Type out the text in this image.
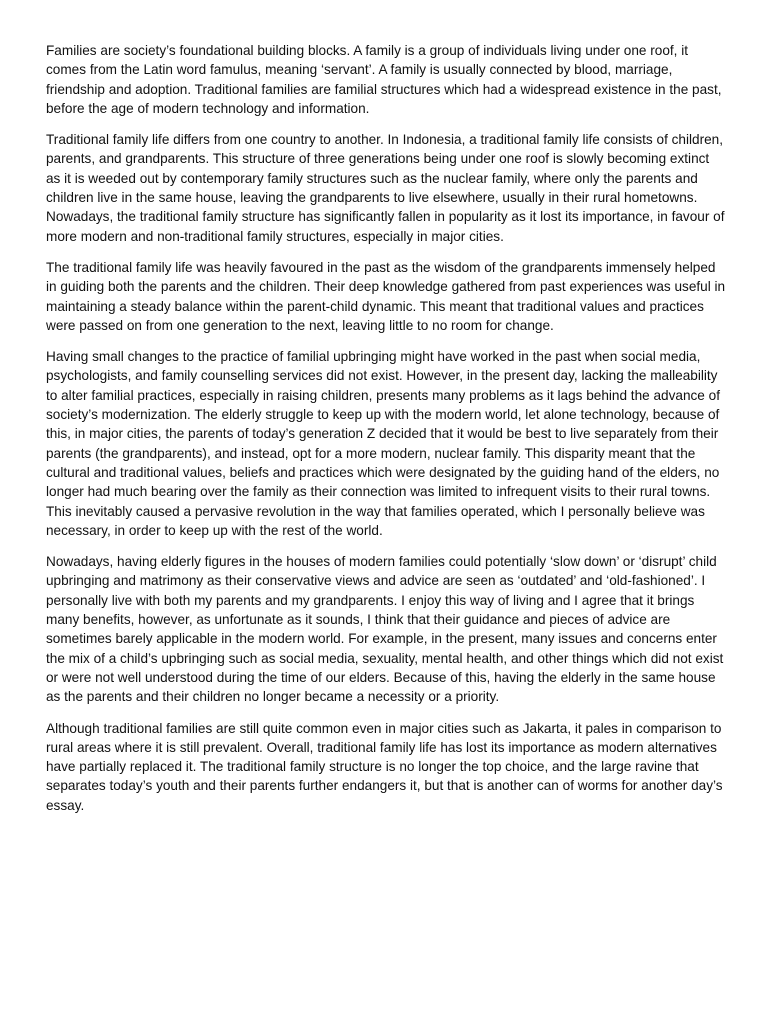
Families are society’s foundational building blocks. A family is a group of individuals living under one roof, it comes from the Latin word famulus, meaning ‘servant’. A family is usually connected by blood, marriage, friendship and adoption. Traditional families are familial structures which had a widespread existence in the past, before the age of modern technology and information.

Traditional family life differs from one country to another. In Indonesia, a traditional family life consists of children, parents, and grandparents. This structure of three generations being under one roof is slowly becoming extinct as it is weeded out by contemporary family structures such as the nuclear family, where only the parents and children live in the same house, leaving the grandparents to live elsewhere, usually in their rural hometowns. Nowadays, the traditional family structure has significantly fallen in popularity as it lost its importance, in favour of more modern and non-traditional family structures, especially in major cities.

The traditional family life was heavily favoured in the past as the wisdom of the grandparents immensely helped in guiding both the parents and the children. Their deep knowledge gathered from past experiences was useful in maintaining a steady balance within the parent-child dynamic. This meant that traditional values and practices were passed on from one generation to the next, leaving little to no room for change.

Having small changes to the practice of familial upbringing might have worked in the past when social media, psychologists, and family counselling services did not exist. However, in the present day, lacking the malleability to alter familial practices, especially in raising children, presents many problems as it lags behind the advance of society’s modernization. The elderly struggle to keep up with the modern world, let alone technology, because of this, in major cities, the parents of today’s generation Z decided that it would be best to live separately from their parents (the grandparents), and instead, opt for a more modern, nuclear family. This disparity meant that the cultural and traditional values, beliefs and practices which were designated by the guiding hand of the elders, no longer had much bearing over the family as their connection was limited to infrequent visits to their rural towns. This inevitably caused a pervasive revolution in the way that families operated, which I personally believe was necessary, in order to keep up with the rest of the world.

Nowadays, having elderly figures in the houses of modern families could potentially ‘slow down’ or ‘disrupt’ child upbringing and matrimony as their conservative views and advice are seen as ‘outdated’ and ‘old-fashioned’. I personally live with both my parents and my grandparents. I enjoy this way of living and I agree that it brings many benefits, however, as unfortunate as it sounds, I think that their guidance and pieces of advice are sometimes barely applicable in the modern world. For example, in the present, many issues and concerns enter the mix of a child’s upbringing such as social media, sexuality, mental health, and other things which did not exist or were not well understood during the time of our elders. Because of this, having the elderly in the same house as the parents and their children no longer became a necessity or a priority.

Although traditional families are still quite common even in major cities such as Jakarta, it pales in comparison to rural areas where it is still prevalent. Overall, traditional family life has lost its importance as modern alternatives have partially replaced it. The traditional family structure is no longer the top choice, and the large ravine that separates today’s youth and their parents further endangers it, but that is another can of worms for another day’s essay.
